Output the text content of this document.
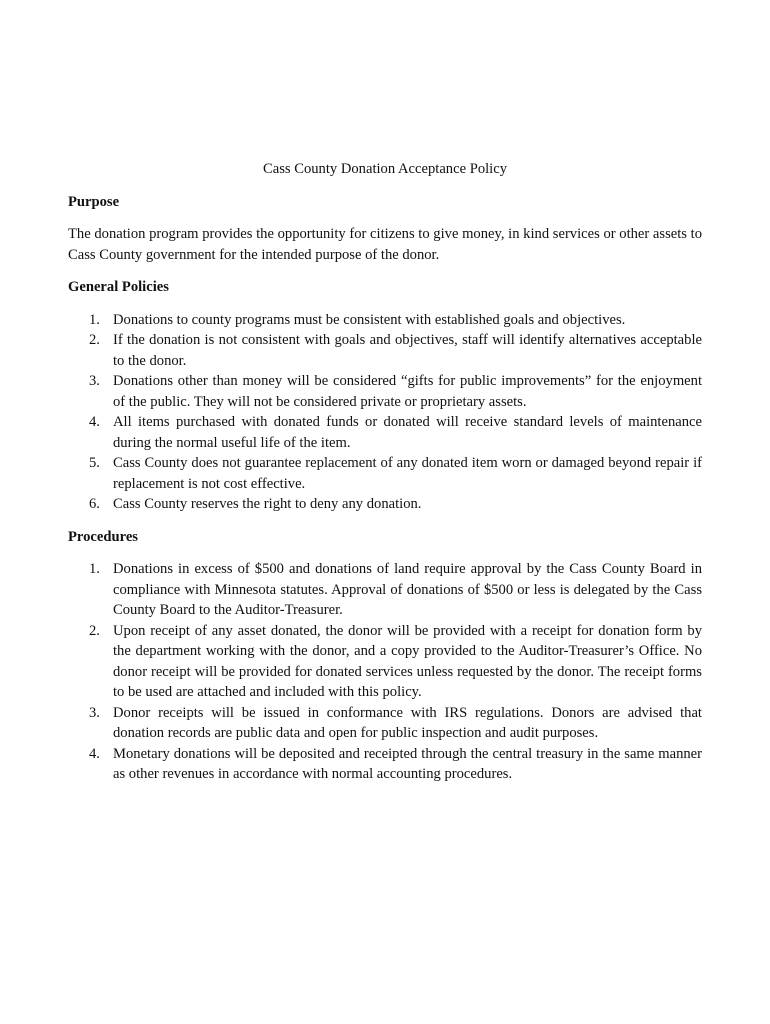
Cass County Donation Acceptance Policy
Purpose
The donation program provides the opportunity for citizens to give money, in kind services or other assets to Cass County government for the intended purpose of the donor.
General Policies
1. Donations to county programs must be consistent with established goals and objectives.
2. If the donation is not consistent with goals and objectives, staff will identify alternatives acceptable to the donor.
3. Donations other than money will be considered “gifts for public improvements” for the enjoyment of the public. They will not be considered private or proprietary assets.
4. All items purchased with donated funds or donated will receive standard levels of maintenance during the normal useful life of the item.
5. Cass County does not guarantee replacement of any donated item worn or damaged beyond repair if replacement is not cost effective.
6. Cass County reserves the right to deny any donation.
Procedures
1. Donations in excess of $500 and donations of land require approval by the Cass County Board in compliance with Minnesota statutes. Approval of donations of $500 or less is delegated by the Cass County Board to the Auditor-Treasurer.
2. Upon receipt of any asset donated, the donor will be provided with a receipt for donation form by the department working with the donor, and a copy provided to the Auditor-Treasurer’s Office. No donor receipt will be provided for donated services unless requested by the donor. The receipt forms to be used are attached and included with this policy.
3. Donor receipts will be issued in conformance with IRS regulations. Donors are advised that donation records are public data and open for public inspection and audit purposes.
4. Monetary donations will be deposited and receipted through the central treasury in the same manner as other revenues in accordance with normal accounting procedures.
